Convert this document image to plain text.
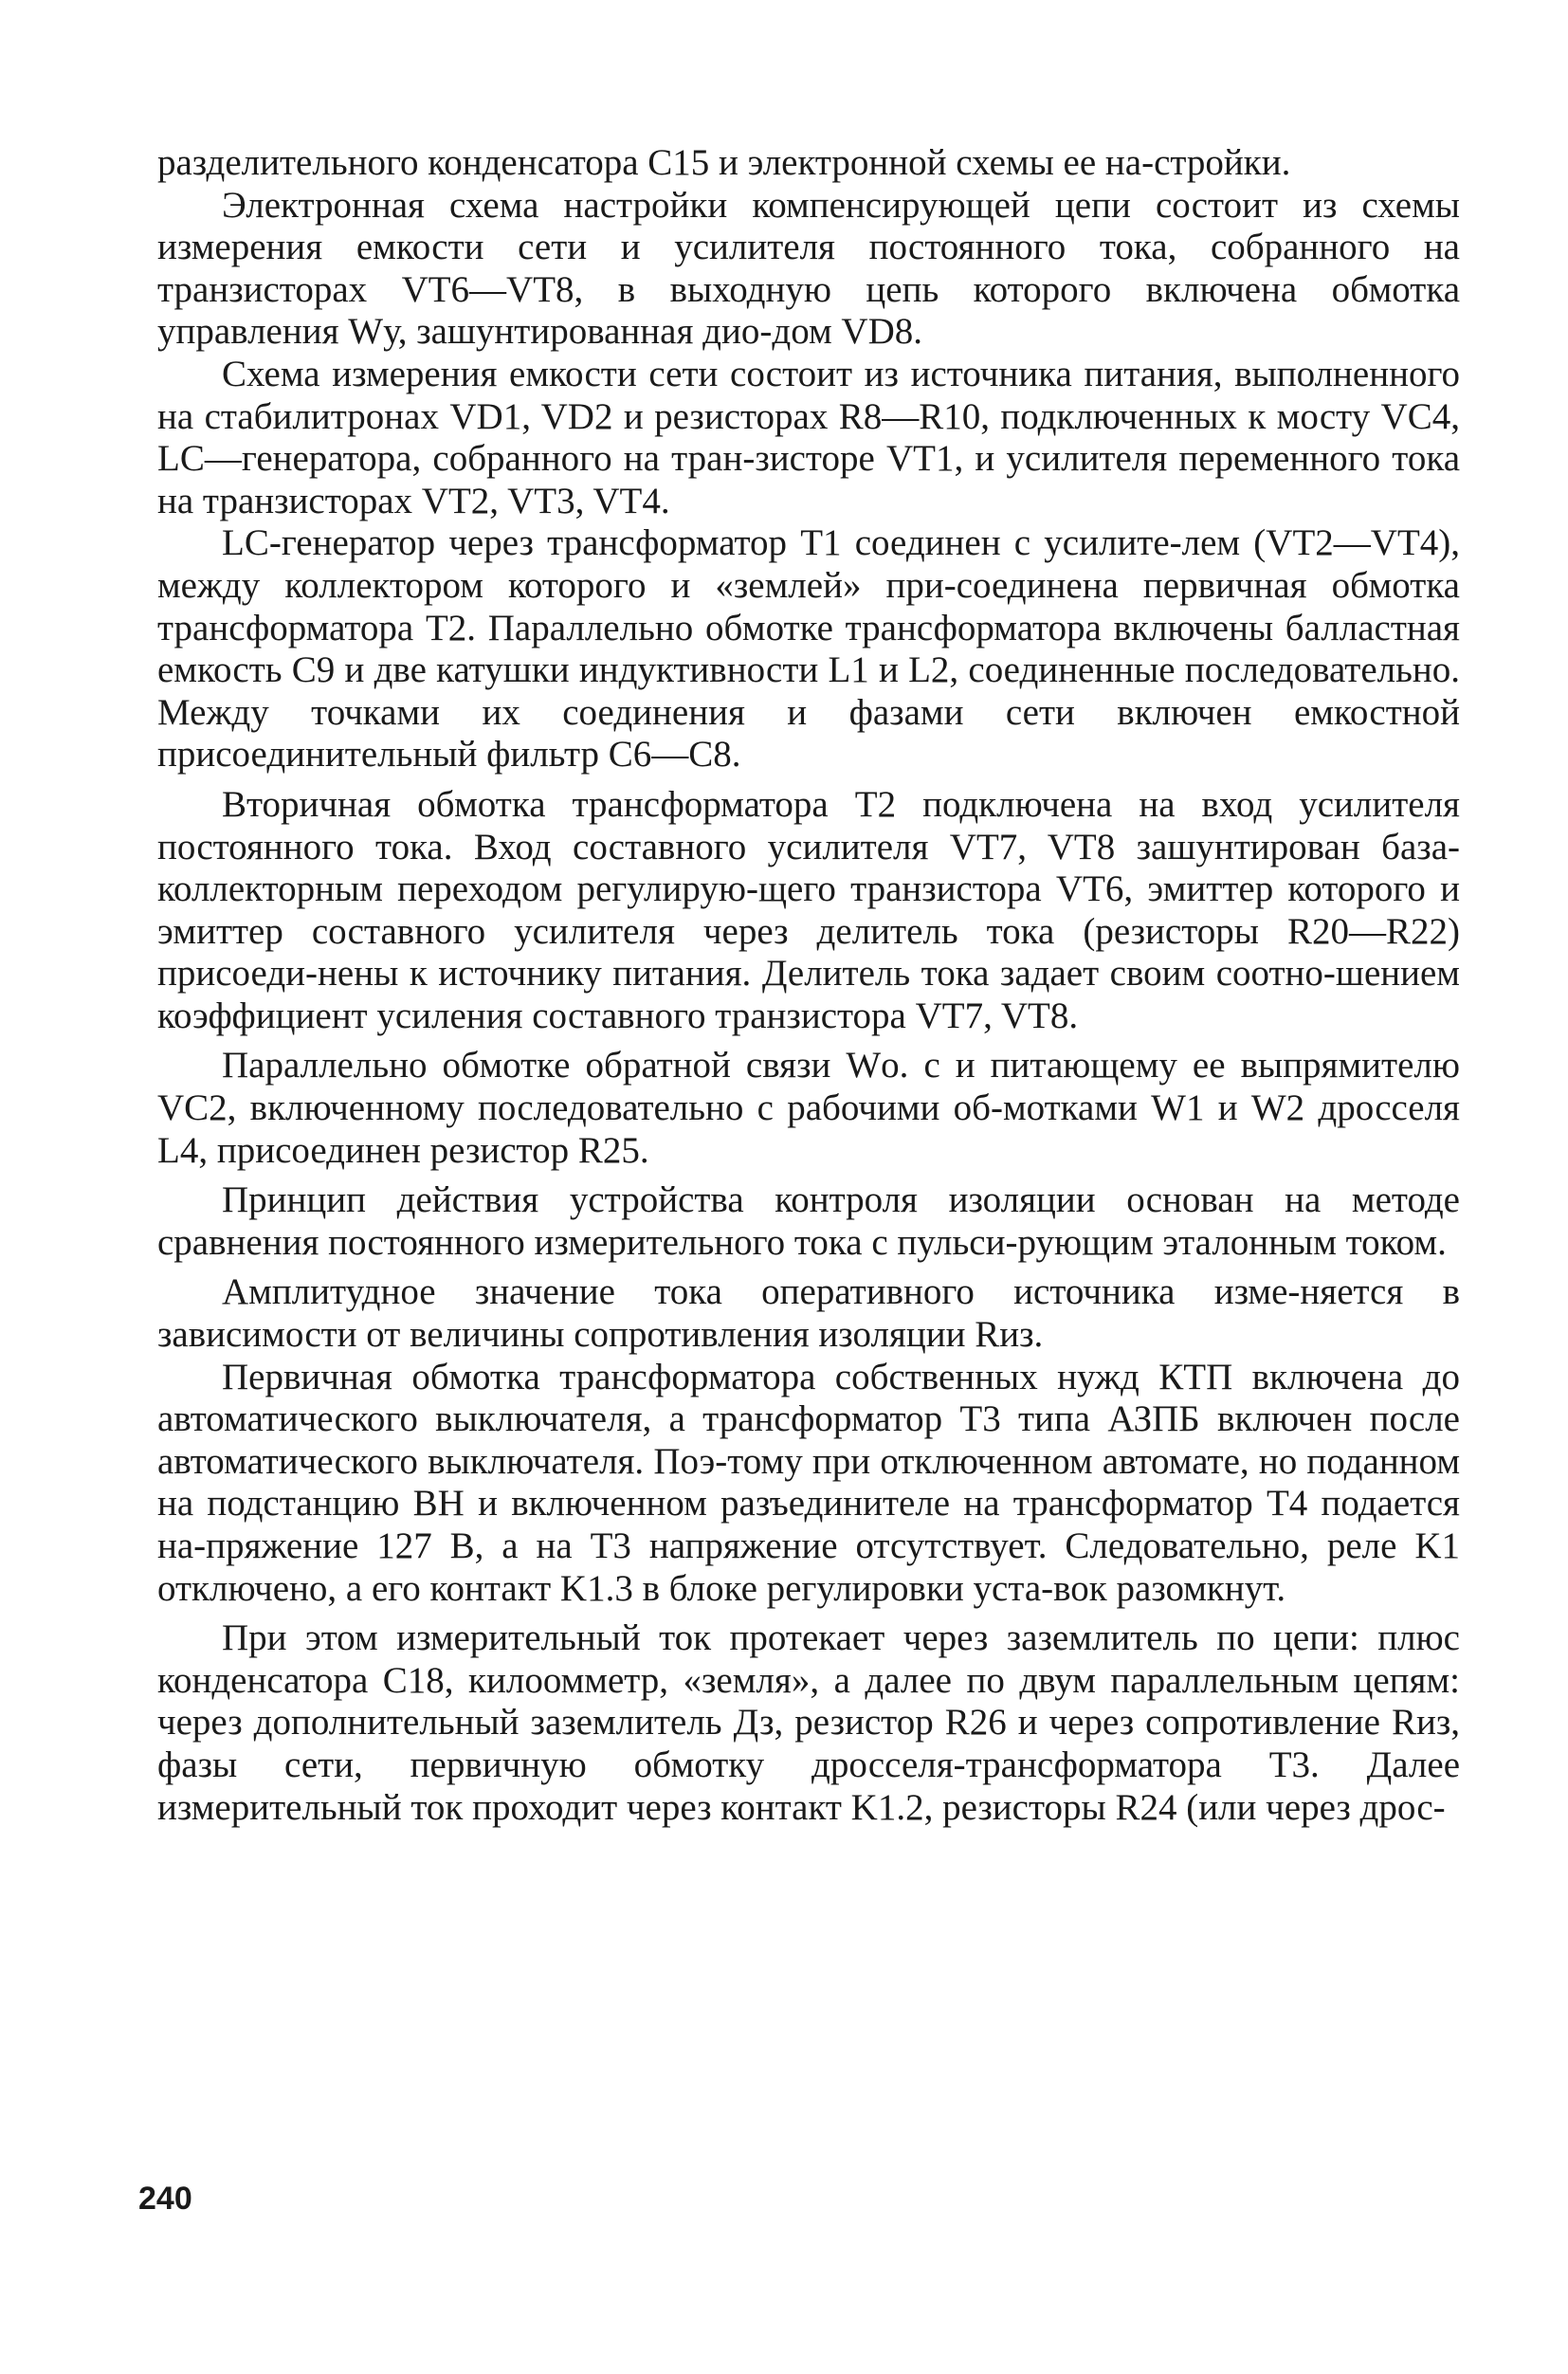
разделительного конденсатора C15 и электронной схемы ее на-стройки.

Электронная схема настройки компенсирующей цепи состоит из схемы измерения емкости сети и усилителя постоянного тока, собранного на транзисторах VT6—VT8, в выходную цепь которого включена обмотка управления Wу, зашунтированная дио-дом VD8.

Схема измерения емкости сети состоит из источника питания, выполненного на стабилитронах VD1, VD2 и резисторах R8—R10, подключенных к мосту VC4, LC—генератора, собранного на тран-зисторе VT1, и усилителя переменного тока на транзисторах VT2, VT3, VT4.

LC-генератор через трансформатор T1 соединен с усилите-лем (VT2—VT4), между коллектором которого и «землей» при-соединена первичная обмотка трансформатора T2. Параллельно обмотке трансформатора включены балластная емкость C9 и две катушки индуктивности L1 и L2, соединенные последовательно. Между точками их соединения и фазами сети включен емкостной присоединительный фильтр C6—C8.

Вторичная обмотка трансформатора T2 подключена на вход усилителя постоянного тока. Вход составного усилителя VT7, VT8 зашунтирован база-коллекторным переходом регулирую-щего транзистора VT6, эмиттер которого и эмиттер составного усилителя через делитель тока (резисторы R20—R22) присоеди-нены к источнику питания. Делитель тока задает своим соотно-шением коэффициент усиления составного транзистора VT7, VT8.

Параллельно обмотке обратной связи Wо. с и питающему ее выпрямителю VC2, включенному последовательно с рабочими об-мотками W1 и W2 дросселя L4, присоединен резистор R25.

Принцип действия устройства контроля изоляции основан на методе сравнения постоянного измерительного тока с пульси-рующим эталонным током.

Амплитудное значение тока оперативного источника изме-няется в зависимости от величины сопротивления изоляции Rиз.

Первичная обмотка трансформатора собственных нужд КТП включена до автоматического выключателя, а трансформатор T3 типа АЗПБ включен после автоматического выключателя. Поэ-тому при отключенном автомате, но поданном на подстанцию ВН и включенном разъединителе на трансформатор T4 подается на-пряжение 127 В, а на T3 напряжение отсутствует. Следовательно, реле K1 отключено, а его контакт K1.3 в блоке регулировки уста-вок разомкнут.

При этом измерительный ток протекает через заземлитель по цепи: плюс конденсатора C18, килоомметр, «земля», а далее по двум параллельным цепям: через дополнительный заземлитель Дз, резистор R26 и через сопротивление Rиз, фазы сети, первичную обмотку дросселя-трансформатора T3. Далее измерительный ток проходит через контакт K1.2, резисторы R24 (или через дрос-

240
